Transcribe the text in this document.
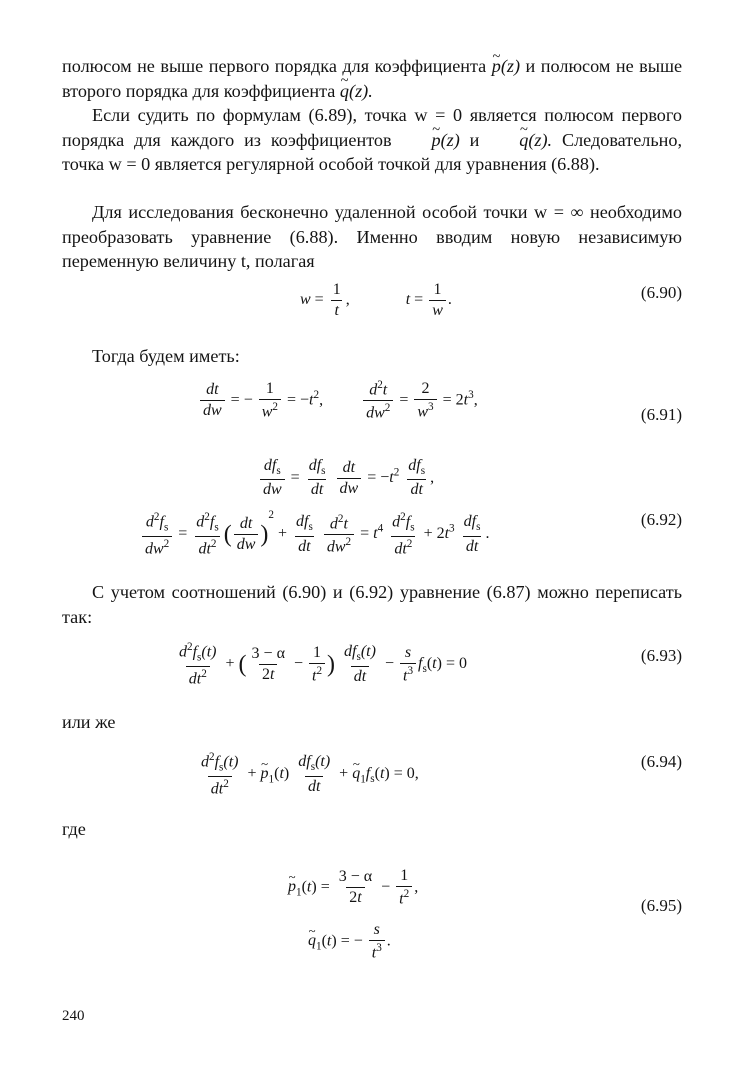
полюсом не выше первого порядка для коэффициента ~ p(z) и полюсом не выше второго порядка для коэффициента ~ q(z).

Если судить по формулам (6.89), точка w = 0 является полюсом первого порядка для каждого из коэффициентов ~ p(z) и ~ q(z). Следовательно, точка w = 0 является регулярной особой точкой для уравнения (6.88).

Для исследования бесконечно удаленной особой точки w = ∞ необходимо преобразовать уравнение (6.88). Именно вводим новую независимую переменную величину t, полагая

$w = \frac{1}{t}$ ,	$t = \frac{1}{w}$ .	(6.90)

Тогда будем иметь:

$\frac{dt}{dw}$ = − $\frac{1}{w^2} = -t^2$, $\frac{d^2t}{dw^2} = \frac{2}{w^3} = 2t^3$,
(6.91)
$\frac{df_s}{dw} = \frac{df_s}{dt}$
$\frac{dt}{dw} = -t^2 \frac{df_s}{dt}$ ,
$\frac{d^2f_s}{dw^2} = \frac{d^2f_s}{dt^2}$ ( $\frac{dt}{dw} )^2 + \frac{df_s}{dt}$
$\frac{d^2t}{dw^2} = t^4 \frac{d^2f_s}{dt^2} + 2t^3 \frac{df_s}{dt}$ .
(6.92)

С учетом соотношений (6.90) и (6.92) уравнение (6.87) можно переписать так:

$\frac{d^2f_s(t)}{dt^2}$ + ( $\frac{3 - \alpha}{2t} - \frac{1}{t^2}$ ) $\frac{df_s(t)}{dt} - \frac{s}{t^3} f_s(t) = 0$	(6.93)

или же

$\frac{d^2f_s(t)}{dt^2}$ + ~ $p_1(t) \frac{df_s(t)}{dt}$ + ~ $q_1f_s(t) = 0$,
(6.94)

где

~ $p_1(t) = \frac{3 - \alpha}{2t} - \frac{1}{t^2}$ ,
~ $q_1(t)$ = − $\frac{s}{t^3}$ .
(6.95)
240
